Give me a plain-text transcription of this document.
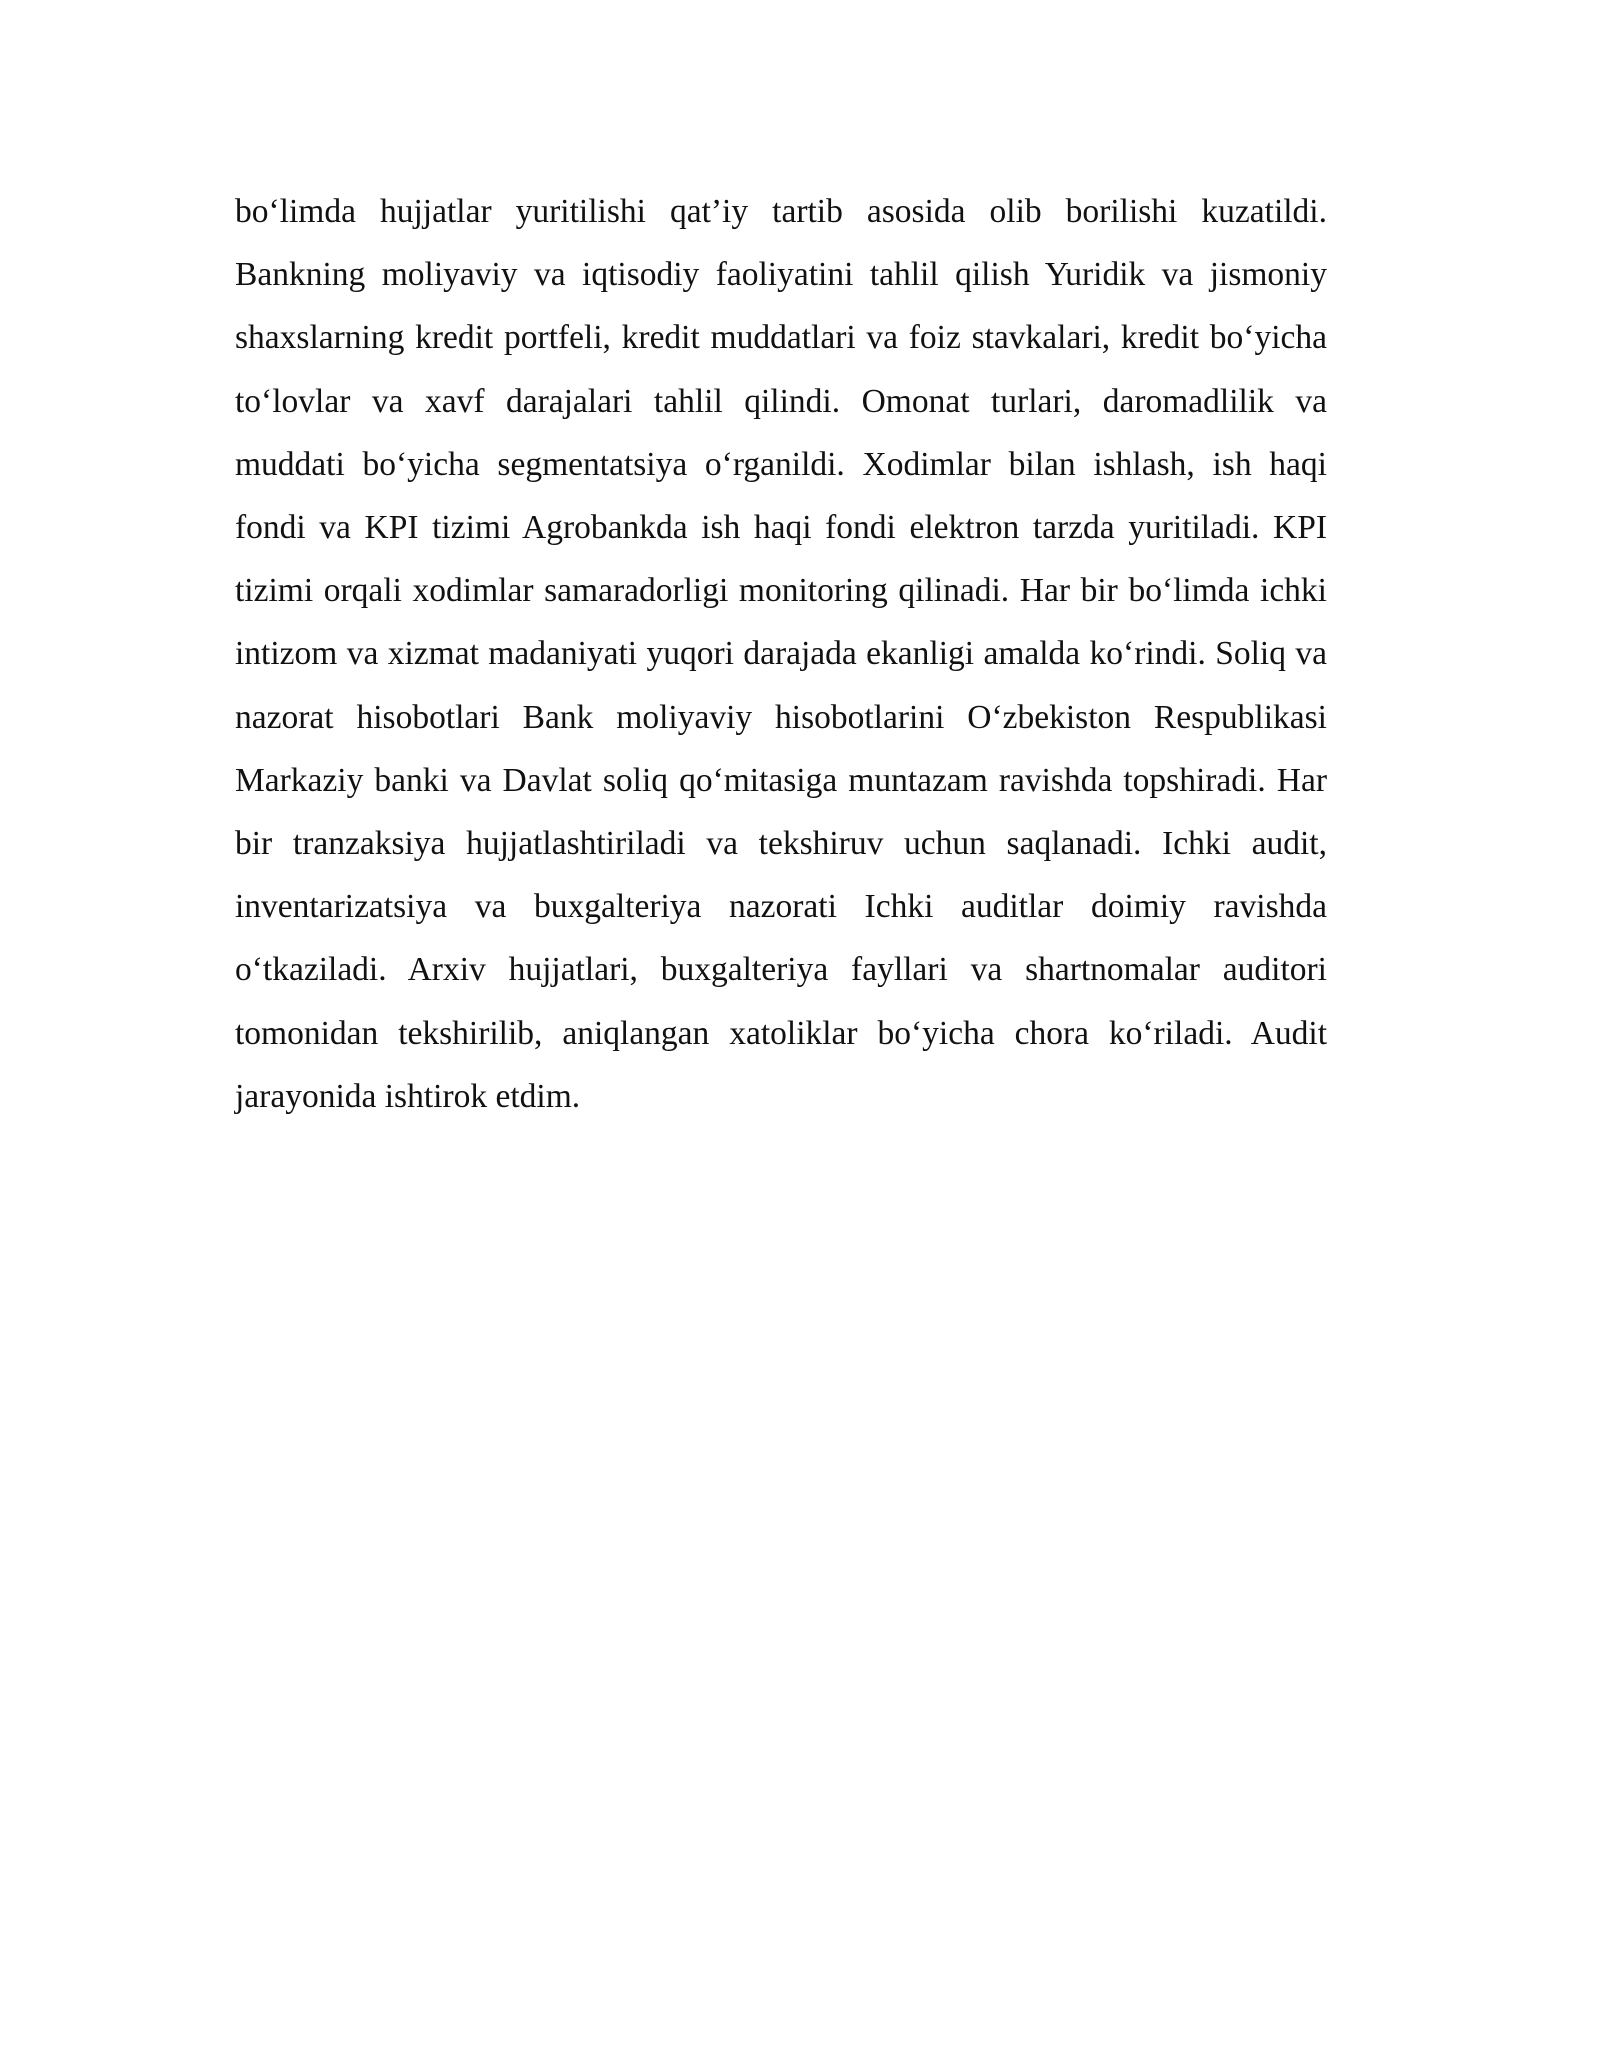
bo‘limda hujjatlar yuritilishi qat’iy tartib asosida olib borilishi kuzatildi. Bankning moliyaviy va iqtisodiy faoliyatini tahlil qilish Yuridik va jismoniy shaxslarning kredit portfeli, kredit muddatlari va foiz stavkalari, kredit bo‘yicha to‘lovlar va xavf darajalari tahlil qilindi. Omonat turlari, daromadlilik va muddati bo‘yicha segmentatsiya o‘rganildi. Xodimlar bilan ishlash, ish haqi fondi va KPI tizimi Agrobankda ish haqi fondi elektron tarzda yuritiladi. KPI tizimi orqali xodimlar samaradorligi monitoring qilinadi. Har bir bo‘limda ichki intizom va xizmat madaniyati yuqori darajada ekanligi amalda ko‘rindi. Soliq va nazorat hisobotlari Bank moliyaviy hisobotlarini O‘zbekiston Respublikasi Markaziy banki va Davlat soliq qo‘mitasiga muntazam ravishda topshiradi. Har bir tranzaksiya hujjatlashtiriladi va tekshiruv uchun saqlanadi. Ichki audit, inventarizatsiya va buxgalteriya nazorati Ichki auditlar doimiy ravishda o‘tkaziladi. Arxiv hujjatlari, buxgalteriya fayllari va shartnomalar auditori tomonidan tekshirilib, aniqlangan xatoliklar bo‘yicha chora ko‘riladi. Audit jarayonida ishtirok etdim.
